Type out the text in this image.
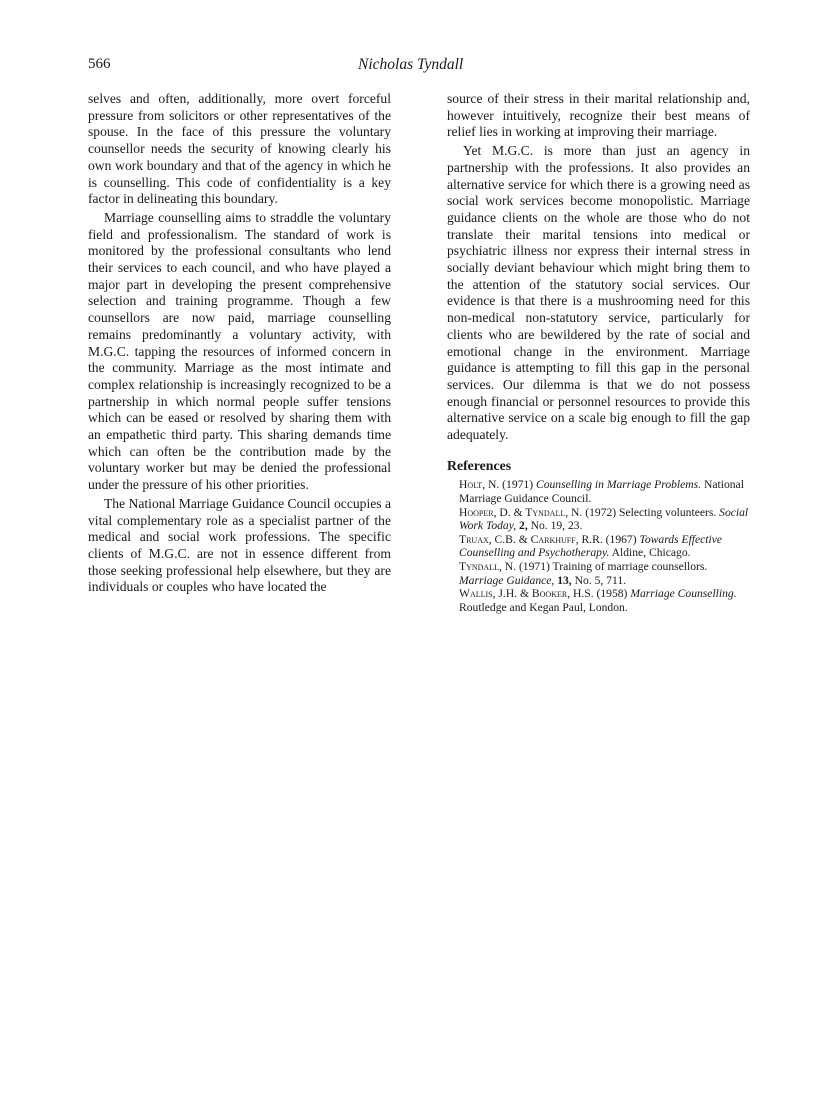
566	Nicholas Tyndall

selves and often, additionally, more overt forceful pressure from solicitors or other representatives of the spouse. In the face of this pressure the voluntary counsellor needs the security of knowing clearly his own work boundary and that of the agency in which he is counselling. This code of confidentiality is a key factor in delineating this boundary.

Marriage counselling aims to straddle the voluntary field and professionalism. The standard of work is monitored by the professional consultants who lend their services to each council, and who have played a major part in developing the present comprehensive selection and training programme. Though a few counsellors are now paid, marriage counselling remains predominantly a voluntary activity, with M.G.C. tapping the resources of informed concern in the community. Marriage as the most intimate and complex relationship is increasingly recognized to be a partnership in which normal people suffer tensions which can be eased or resolved by sharing them with an empathetic third party. This sharing demands time which can often be the contribution made by the voluntary worker but may be denied the professional under the pressure of his other priorities.

The National Marriage Guidance Council occupies a vital complementary role as a specialist partner of the medical and social work professions. The specific clients of M.G.C. are not in essence different from those seeking professional help elsewhere, but they are individuals or couples who have located the

source of their stress in their marital relationship and, however intuitively, recognize their best means of relief lies in working at improving their marriage.

Yet M.G.C. is more than just an agency in partnership with the professions. It also provides an alternative service for which there is a growing need as social work services become monopolistic. Marriage guidance clients on the whole are those who do not translate their marital tensions into medical or psychiatric illness nor express their internal stress in socially deviant behaviour which might bring them to the attention of the statutory social services. Our evidence is that there is a mushrooming need for this non-medical non-statutory service, particularly for clients who are bewildered by the rate of social and emotional change in the environment. Marriage guidance is attempting to fill this gap in the personal services. Our dilemma is that we do not possess enough financial or personnel resources to provide this alternative service on a scale big enough to fill the gap adequately.

References

Holt, N. (1971) Counselling in Marriage Problems. National Marriage Guidance Council.

Hooper, D. & Tyndall, N. (1972) Selecting volunteers. Social Work Today, 2, No. 19, 23.

Truax, C.B. & Carkhuff, R.R. (1967) Towards Effective Counselling and Psychotherapy. Aldine, Chicago.

Tyndall, N. (1971) Training of marriage counsellors. Marriage Guidance, 13, No. 5, 711.

Wallis, J.H. & Booker, H.S. (1958) Marriage Counselling. Routledge and Kegan Paul, London.
